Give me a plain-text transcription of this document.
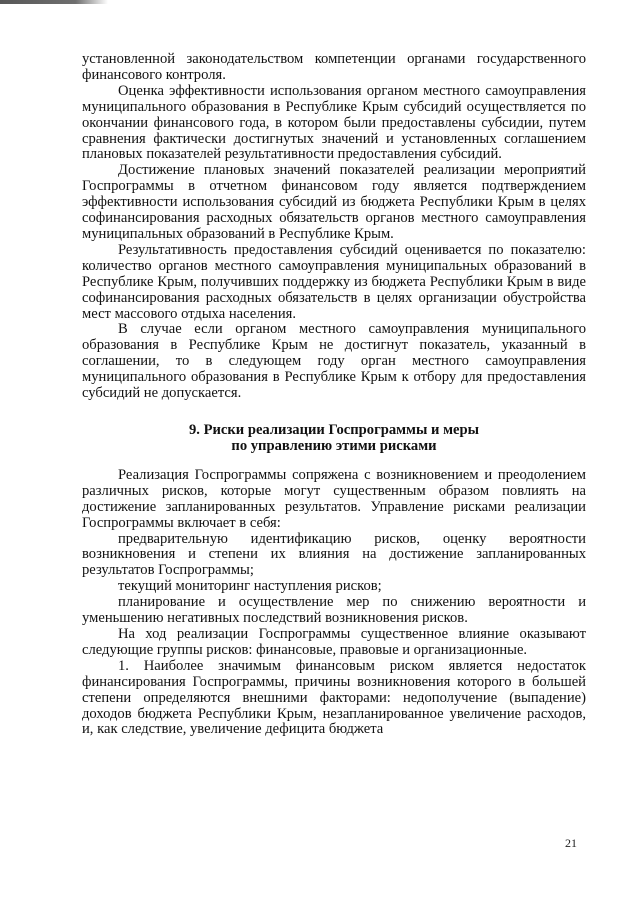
установленной законодательством компетенции органами государственного финансового контроля.

Оценка эффективности использования органом местного самоуправления муниципального образования в Республике Крым субсидий осуществляется по окончании финансового года, в котором были предоставлены субсидии, путем сравнения фактически достигнутых значений и установленных соглашением плановых показателей результативности предоставления субсидий.

Достижение плановых значений показателей реализации мероприятий Госпрограммы в отчетном финансовом году является подтверждением эффективности использования субсидий из бюджета Республики Крым в целях софинансирования расходных обязательств органов местного самоуправления муниципальных образований в Республике Крым.

Результативность предоставления субсидий оценивается по показателю: количество органов местного самоуправления муниципальных образований в Республике Крым, получивших поддержку из бюджета Республики Крым в виде софинансирования расходных обязательств в целях организации обустройства мест массового отдыха населения.

В случае если органом местного самоуправления муниципального образования в Республике Крым не достигнут показатель, указанный в соглашении, то в следующем году орган местного самоуправления муниципального образования в Республике Крым к отбору для предоставления субсидий не допускается.

9. Риски реализации Госпрограммы и меры
по управлению этими рисками

Реализация Госпрограммы сопряжена с возникновением и преодолением различных рисков, которые могут существенным образом повлиять на достижение запланированных результатов. Управление рисками реализации Госпрограммы включает в себя:

предварительную идентификацию рисков, оценку вероятности возникновения и степени их влияния на достижение запланированных результатов Госпрограммы;

текущий мониторинг наступления рисков;

планирование и осуществление мер по снижению вероятности и уменьшению негативных последствий возникновения рисков.

На ход реализации Госпрограммы существенное влияние оказывают следующие группы рисков: финансовые, правовые и организационные.

1. Наиболее значимым финансовым риском является недостаток финансирования Госпрограммы, причины возникновения которого в большей степени определяются внешними факторами: недополучение (выпадение) доходов бюджета Республики Крым, незапланированное увеличение расходов, и, как следствие, увеличение дефицита бюджета

21
